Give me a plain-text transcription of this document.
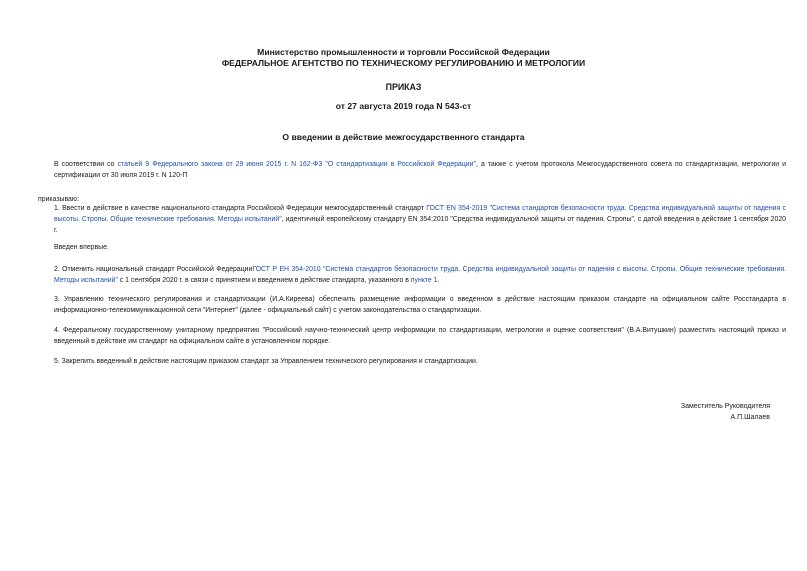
Министерство промышленности и торговли Российской Федерации
ФЕДЕРАЛЬНОЕ АГЕНТСТВО ПО ТЕХНИЧЕСКОМУ РЕГУЛИРОВАНИЮ И МЕТРОЛОГИИ
ПРИКАЗ
от 27 августа 2019 года N 543-ст
О введении в действие межгосударственного стандарта
В соответствии со статьей 9 Федерального закона от 29 июня 2015 г. N 162-ФЗ "О стандартизации в Российской Федерации", а также с учетом протокола Межгосударственного совета по стандартизации, метрологии и сертификации от 30 июля 2019 г. N 120-П
приказываю:
1. Ввести в действие в качестве национального стандарта Российской Федерации межгосударственный стандарт ГОСТ EN 354-2019 "Система стандартов безопасности труда. Средства индивидуальной защиты от падения с высоты. Стропы. Общие технические требования. Методы испытаний", идентичный европейскому стандарту EN 354:2010 "Средства индивидуальной защиты от падения. Стропы", с датой введения в действие 1 сентября 2020 г.
Введен впервые.
2. Отменить национальный стандарт Российской ФедерацииГОСТ Р ЕН 354-2010 "Система стандартов безопасности труда. Средства индивидуальной защиты от падения с высоты. Стропы. Общие технические требования. Методы испытаний" с 1 сентября 2020 г. в связи с принятием и введением в действие стандарта, указанного в пункте 1.
3. Управлению технического регулирования и стандартизации (И.А.Киреева) обеспечить размещение информации о введенном в действие настоящим приказом стандарте на официальном сайте Росстандарта в информационно-телекоммуникационной сети "Интернет" (далее - официальный сайт) с учетом законодательства о стандартизации.
4. Федеральному государственному унитарному предприятию "Российский научно-технический центр информации по стандартизации, метрологии и оценке соответствия" (В.А.Витушкин) разместить настоящий приказ и введенный в действие им стандарт на официальном сайте в установленном порядке.
5. Закрепить введенный в действие настоящим приказом стандарт за Управлением технического регулирования и стандартизации.
Заместитель Руководителя
А.П.Шалаев
